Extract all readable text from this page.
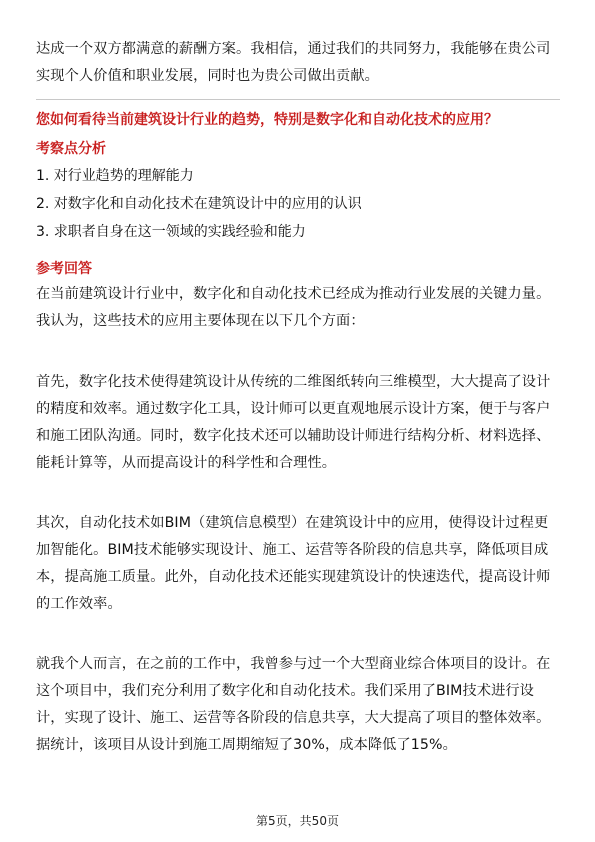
达成一个双方都满意的薪酬方案。我相信，通过我们的共同努力，我能够在贵公司
实现个人价值和职业发展，同时也为贵公司做出贡献。
您如何看待当前建筑设计行业的趋势，特别是数字化和自动化技术的应用？
考察点分析
1. 对行业趋势的理解能力
2. 对数字化和自动化技术在建筑设计中的应用的认识
3. 求职者自身在这一领域的实践经验和能力
参考回答
在当前建筑设计行业中，数字化和自动化技术已经成为推动行业发展的关键力量。
我认为，这些技术的应用主要体现在以下几个方面：
首先，数字化技术使得建筑设计从传统的二维图纸转向三维模型，大大提高了设计
的精度和效率。通过数字化工具，设计师可以更直观地展示设计方案，便于与客户
和施工团队沟通。同时，数字化技术还可以辅助设计师进行结构分析、材料选择、
能耗计算等，从而提高设计的科学性和合理性。
其次，自动化技术如BIM（建筑信息模型）在建筑设计中的应用，使得设计过程更
加智能化。BIM技术能够实现设计、施工、运营等各阶段的信息共享，降低项目成
本，提高施工质量。此外，自动化技术还能实现建筑设计的快速迭代，提高设计师
的工作效率。
就我个人而言，在之前的工作中，我曾参与过一个大型商业综合体项目的设计。在
这个项目中，我们充分利用了数字化和自动化技术。我们采用了BIM技术进行设
计，实现了设计、施工、运营等各阶段的信息共享，大大提高了项目的整体效率。
据统计，该项目从设计到施工周期缩短了30%，成本降低了15%。
第5页，共50页
